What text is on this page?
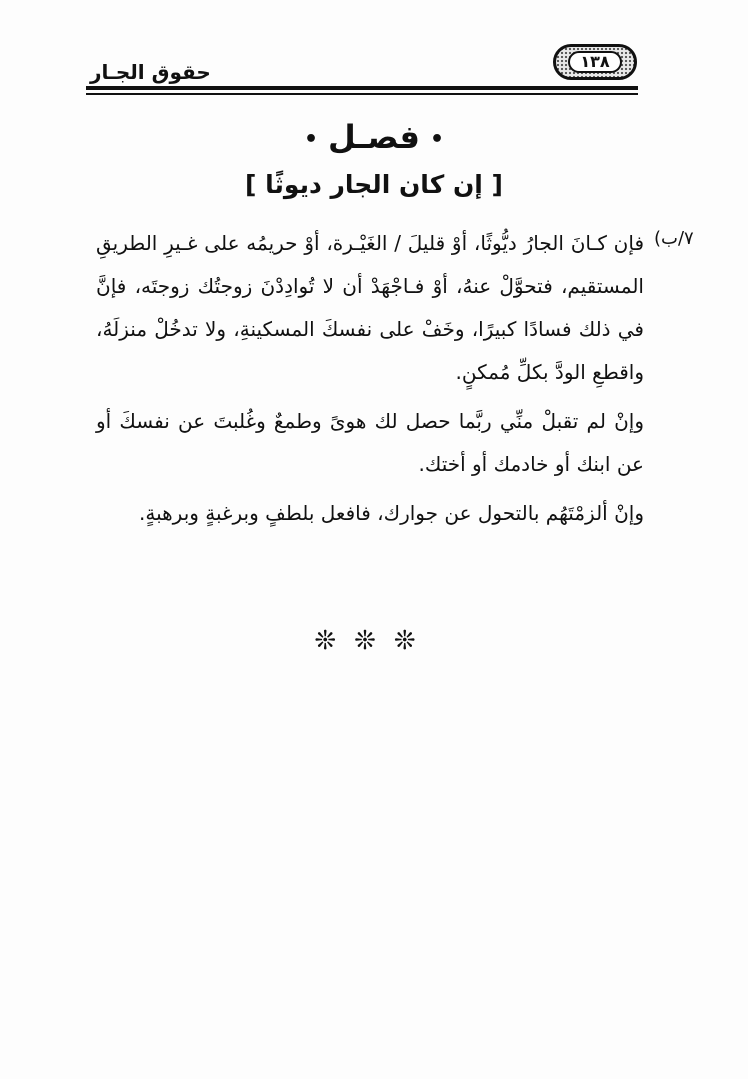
حقوق الجـار	١٣٨
•فصـل•
[ إن كان الجار ديوثًا ]
٧/ب)

فإن كـانَ الجارُ ديُّوثًا، أوْ قليلَ / الغَيْـرة، أوْ حريمُه على غـيرِ الطريقِ المستقيم، فتحوَّلْ عنهُ، أوْ فـاجْهَدْ أن لا تُوادِدْنَ زوجتُك زوجتَه، فإنَّ في ذلك فسادًا كبيرًا، وخَفْ على نفسكَ المسكينةِ، ولا تدخُلْ منزلَهُ، واقطعِ الودَّ بكلِّ مُمكنٍ.

وإنْ لم تقبلْ منِّي ربَّما حصل لك هوىً وطمعٌ وغُلبتَ عن نفسكَ أو عن ابنك أو خادمك أو أختك.

وإنْ ألزمْتَهُم بالتحول عن جوارك، فافعل بلطفٍ وبرغبةٍ وبرهبةٍ.

❊❊❊
